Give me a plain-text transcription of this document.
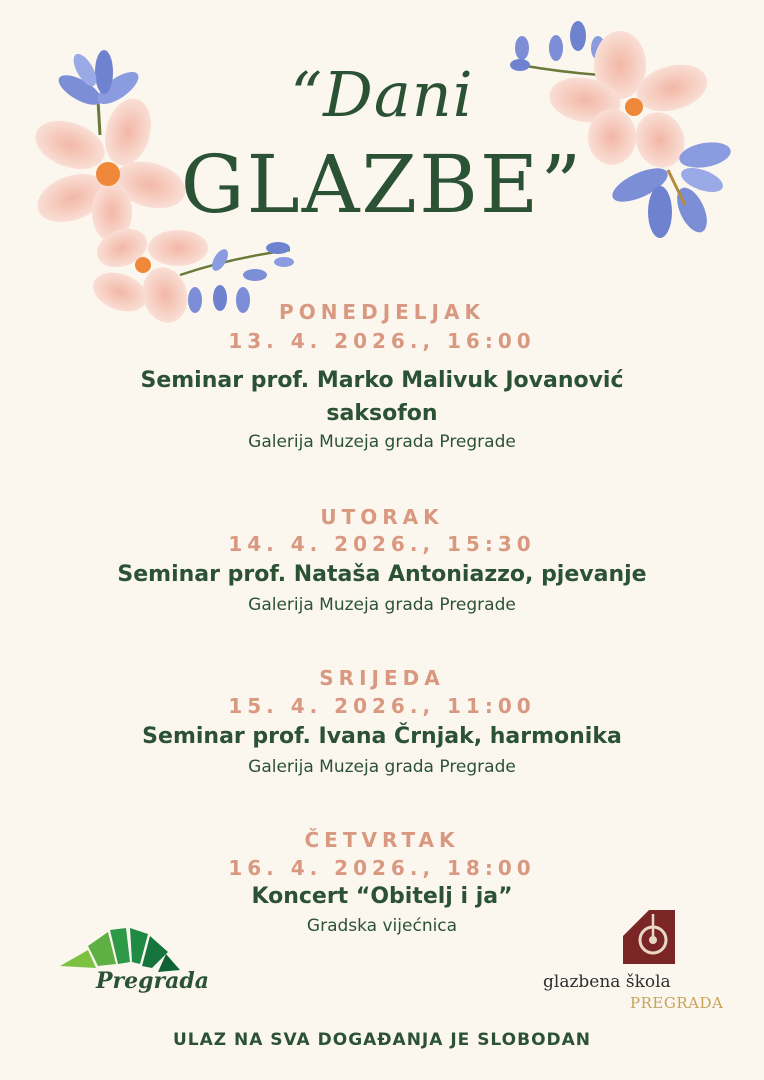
“Dani
GLAZBE”
PONEDJELJAK
13. 4. 2026., 16:00
Seminar prof. Marko Malivuk Jovanović
saksofon
Galerija Muzeja grada Pregrade
UTORAK
14. 4. 2026., 15:30
Seminar prof. Nataša Antoniazzo, pjevanje
Galerija Muzeja grada Pregrade
SRIJEDA
15. 4. 2026., 11:00
Seminar prof. Ivana Črnjak, harmonika
Galerija Muzeja grada Pregrade
ČETVRTAK
16. 4. 2026., 18:00
Koncert “Obitelj i ja”
Gradska vijećnica
Pregrada	glazbena škola
PREGRADA
ULAZ NA SVA DOGAĐANJA JE SLOBODAN
